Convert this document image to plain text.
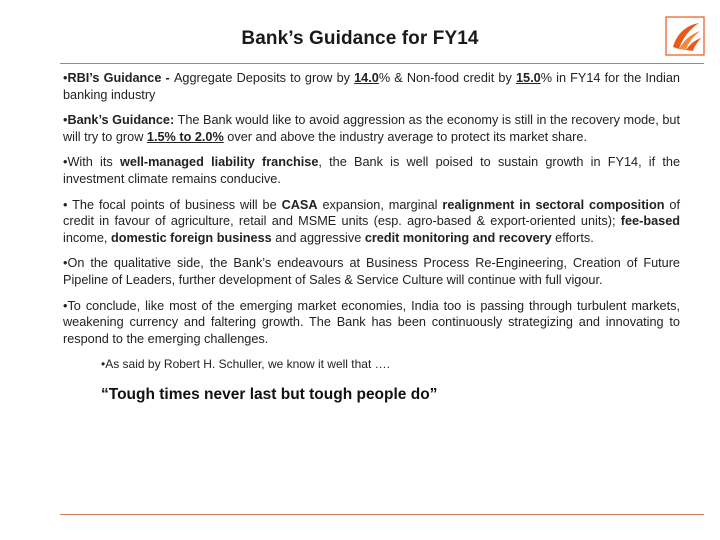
Bank’s Guidance for FY14

•RBI’s Guidance - Aggregate Deposits to grow by 14.0% & Non-food credit by 15.0% in FY14 for the Indian banking industry

•Bank’s Guidance: The Bank would like to avoid aggression as the economy is still in the recovery mode, but will try to grow 1.5% to 2.0% over and above the industry average to protect its market share.

•With its well-managed liability franchise, the Bank is well poised to sustain growth in FY14, if the investment climate remains conducive.

• The focal points of business will be CASA expansion, marginal realignment in sectoral composition of credit in favour of agriculture, retail and MSME units (esp. agro-based & export-oriented units); fee-based income, domestic foreign business and aggressive credit monitoring and recovery efforts.

•On the qualitative side, the Bank’s endeavours at Business Process Re-Engineering, Creation of Future Pipeline of Leaders, further development of Sales & Service Culture will continue with full vigour.

•To conclude, like most of the emerging market economies, India too is passing through turbulent markets, weakening currency and faltering growth. The Bank has been continuously strategizing and innovating to respond to the emerging challenges.

•As said by Robert H. Schuller, we know it well that ….

“Tough times never last but tough people do”
